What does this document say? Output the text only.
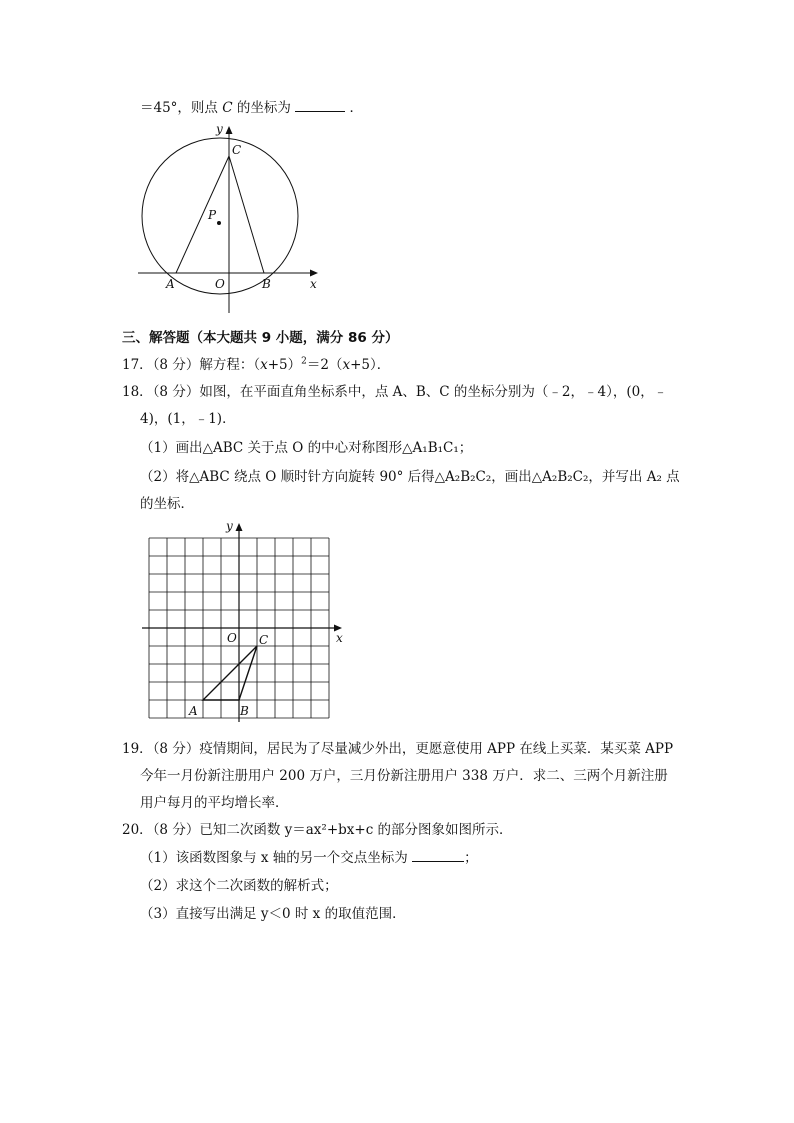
＝45°，则点 C 的坐标为	．
y
C
P
A	O	B	x
三、解答题（本大题共 9 小题，满分 86 分）
17．（8 分）解方程：$(x+5)^2=2(x+5)$．
18．（8 分）如图，在平面直角坐标系中，点 A、B、C 的坐标分别为（﹣2，﹣4），(0，﹣
4)，(1，﹣1)．
（1）画出△ABC 关于点 O 的中心对称图形△A₁B₁C₁；
（2）将△ABC 绕点 O 顺时针方向旋转 90° 后得△A₂B₂C₂，画出△A₂B₂C₂，并写出 A₂ 点
的坐标．
y
O C	x
A	B
19．（8 分）疫情期间，居民为了尽量减少外出，更愿意使用 APP 在线上买菜．某买菜 APP
今年一月份新注册用户 200 万户，三月份新注册用户 338 万户．求二、三两个月新注册
用户每月的平均增长率．
20．（8 分）已知二次函数 y＝ax²+bx+c 的部分图象如图所示．
（1）该函数图象与 x 轴的另一个交点坐标为	；
（2）求这个二次函数的解析式；
（3）直接写出满足 y＜0 时 x 的取值范围．
